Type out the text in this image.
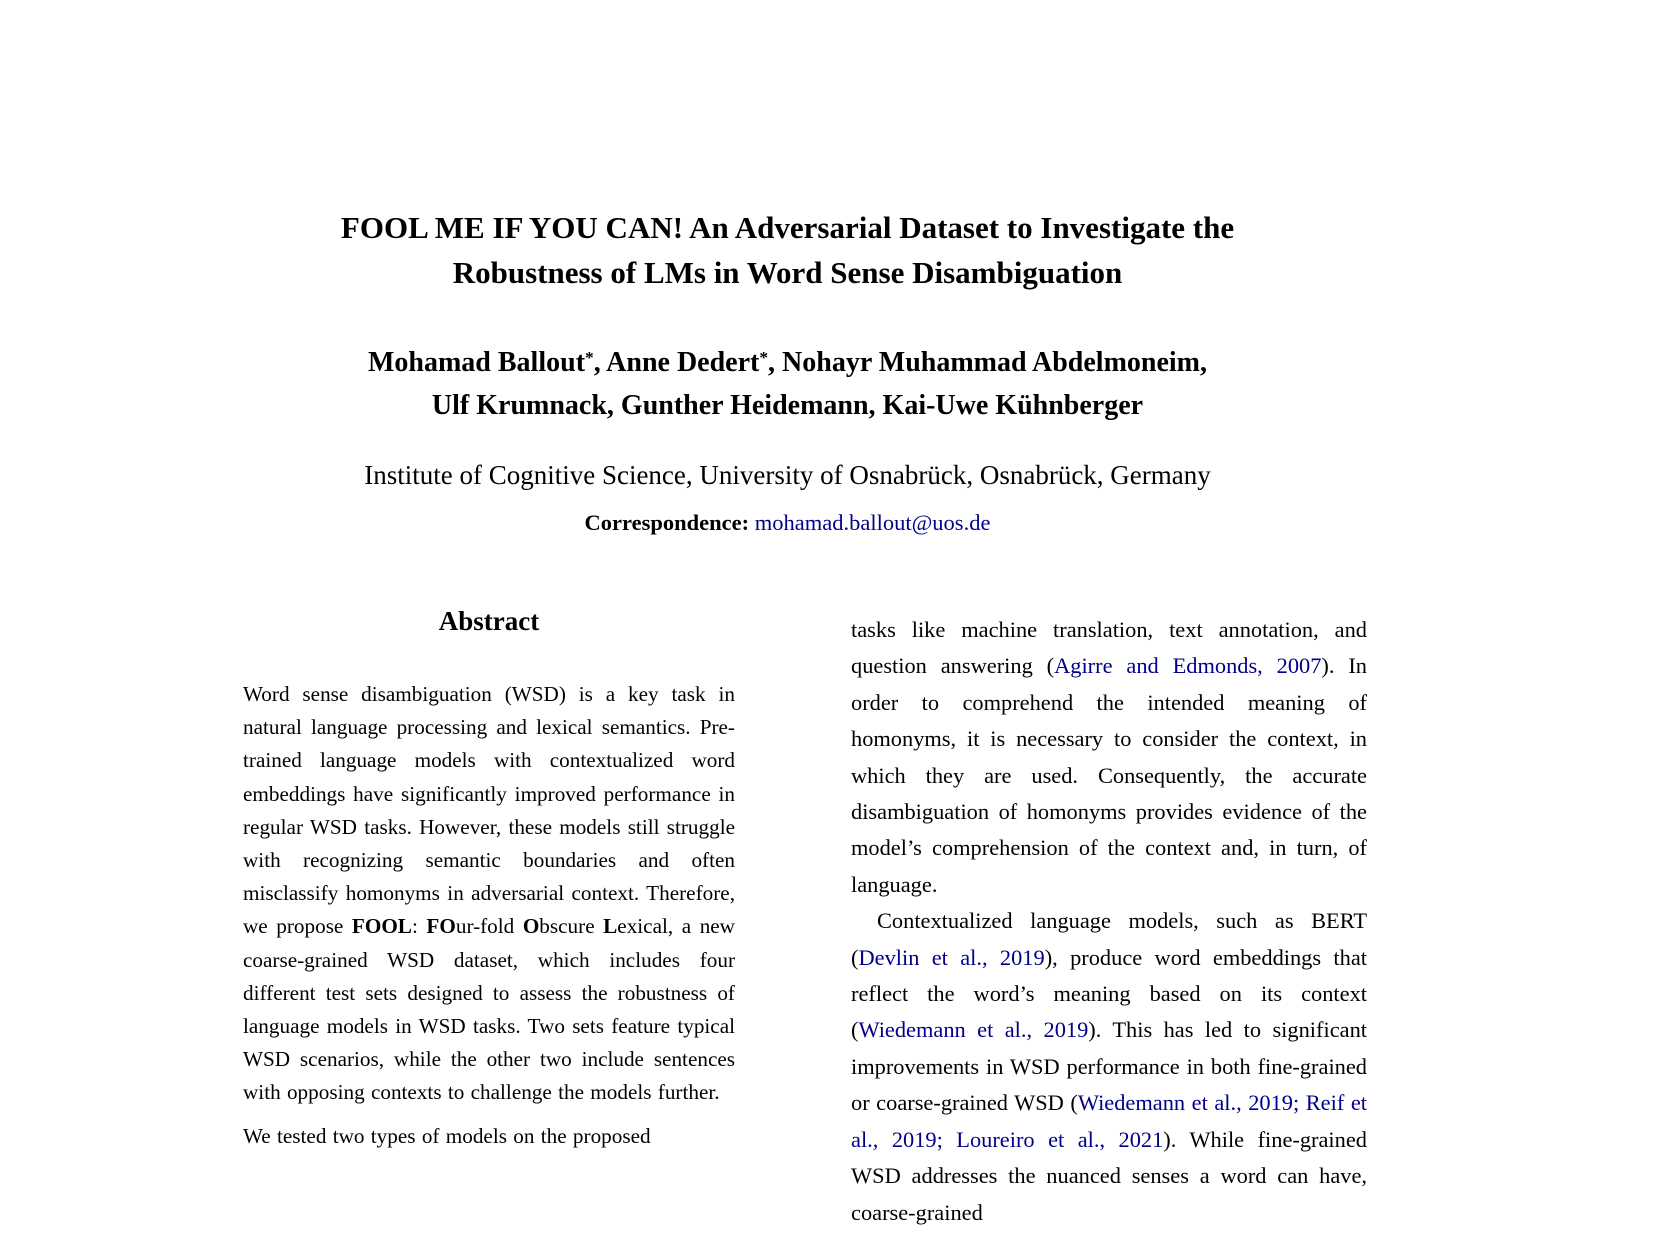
FOOL ME IF YOU CAN! An Adversarial Dataset to Investigate the
Robustness of LMs in Word Sense Disambiguation
Mohamad Ballout*, Anne Dedert*, Nohayr Muhammad Abdelmoneim,
Ulf Krumnack, Gunther Heidemann, Kai-Uwe Kühnberger
Institute of Cognitive Science, University of Osnabrück, Osnabrück, Germany
Correspondence: mohamad.ballout@uos.de
Abstract

Word sense disambiguation (WSD) is a key task in natural language processing and lexical semantics. Pre-trained language models with contextualized word embeddings have significantly improved performance in regular WSD tasks. However, these models still struggle with recognizing semantic boundaries and often misclassify homonyms in adversarial context. Therefore, we propose FOOL: FOur-fold Obscure Lexical, a new coarse-grained WSD dataset, which includes four different test sets designed to assess the robustness of language models in WSD tasks. Two sets feature typical WSD scenarios, while the other two include sentences with opposing contexts to challenge the models further.

We tested two types of models on the proposed

tasks like machine translation, text annotation, and question answering (Agirre and Edmonds, 2007). In order to comprehend the intended meaning of homonyms, it is necessary to consider the context, in which they are used. Consequently, the accurate disambiguation of homonyms provides evidence of the model’s comprehension of the context and, in turn, of language.

Contextualized language models, such as BERT (Devlin et al., 2019), produce word embeddings that reflect the word’s meaning based on its context (Wiedemann et al., 2019). This has led to significant improvements in WSD performance in both fine-grained or coarse-grained WSD (Wiedemann et al., 2019; Reif et al., 2019; Loureiro et al., 2021). While fine-grained WSD addresses the nuanced senses a word can have, coarse-grained
